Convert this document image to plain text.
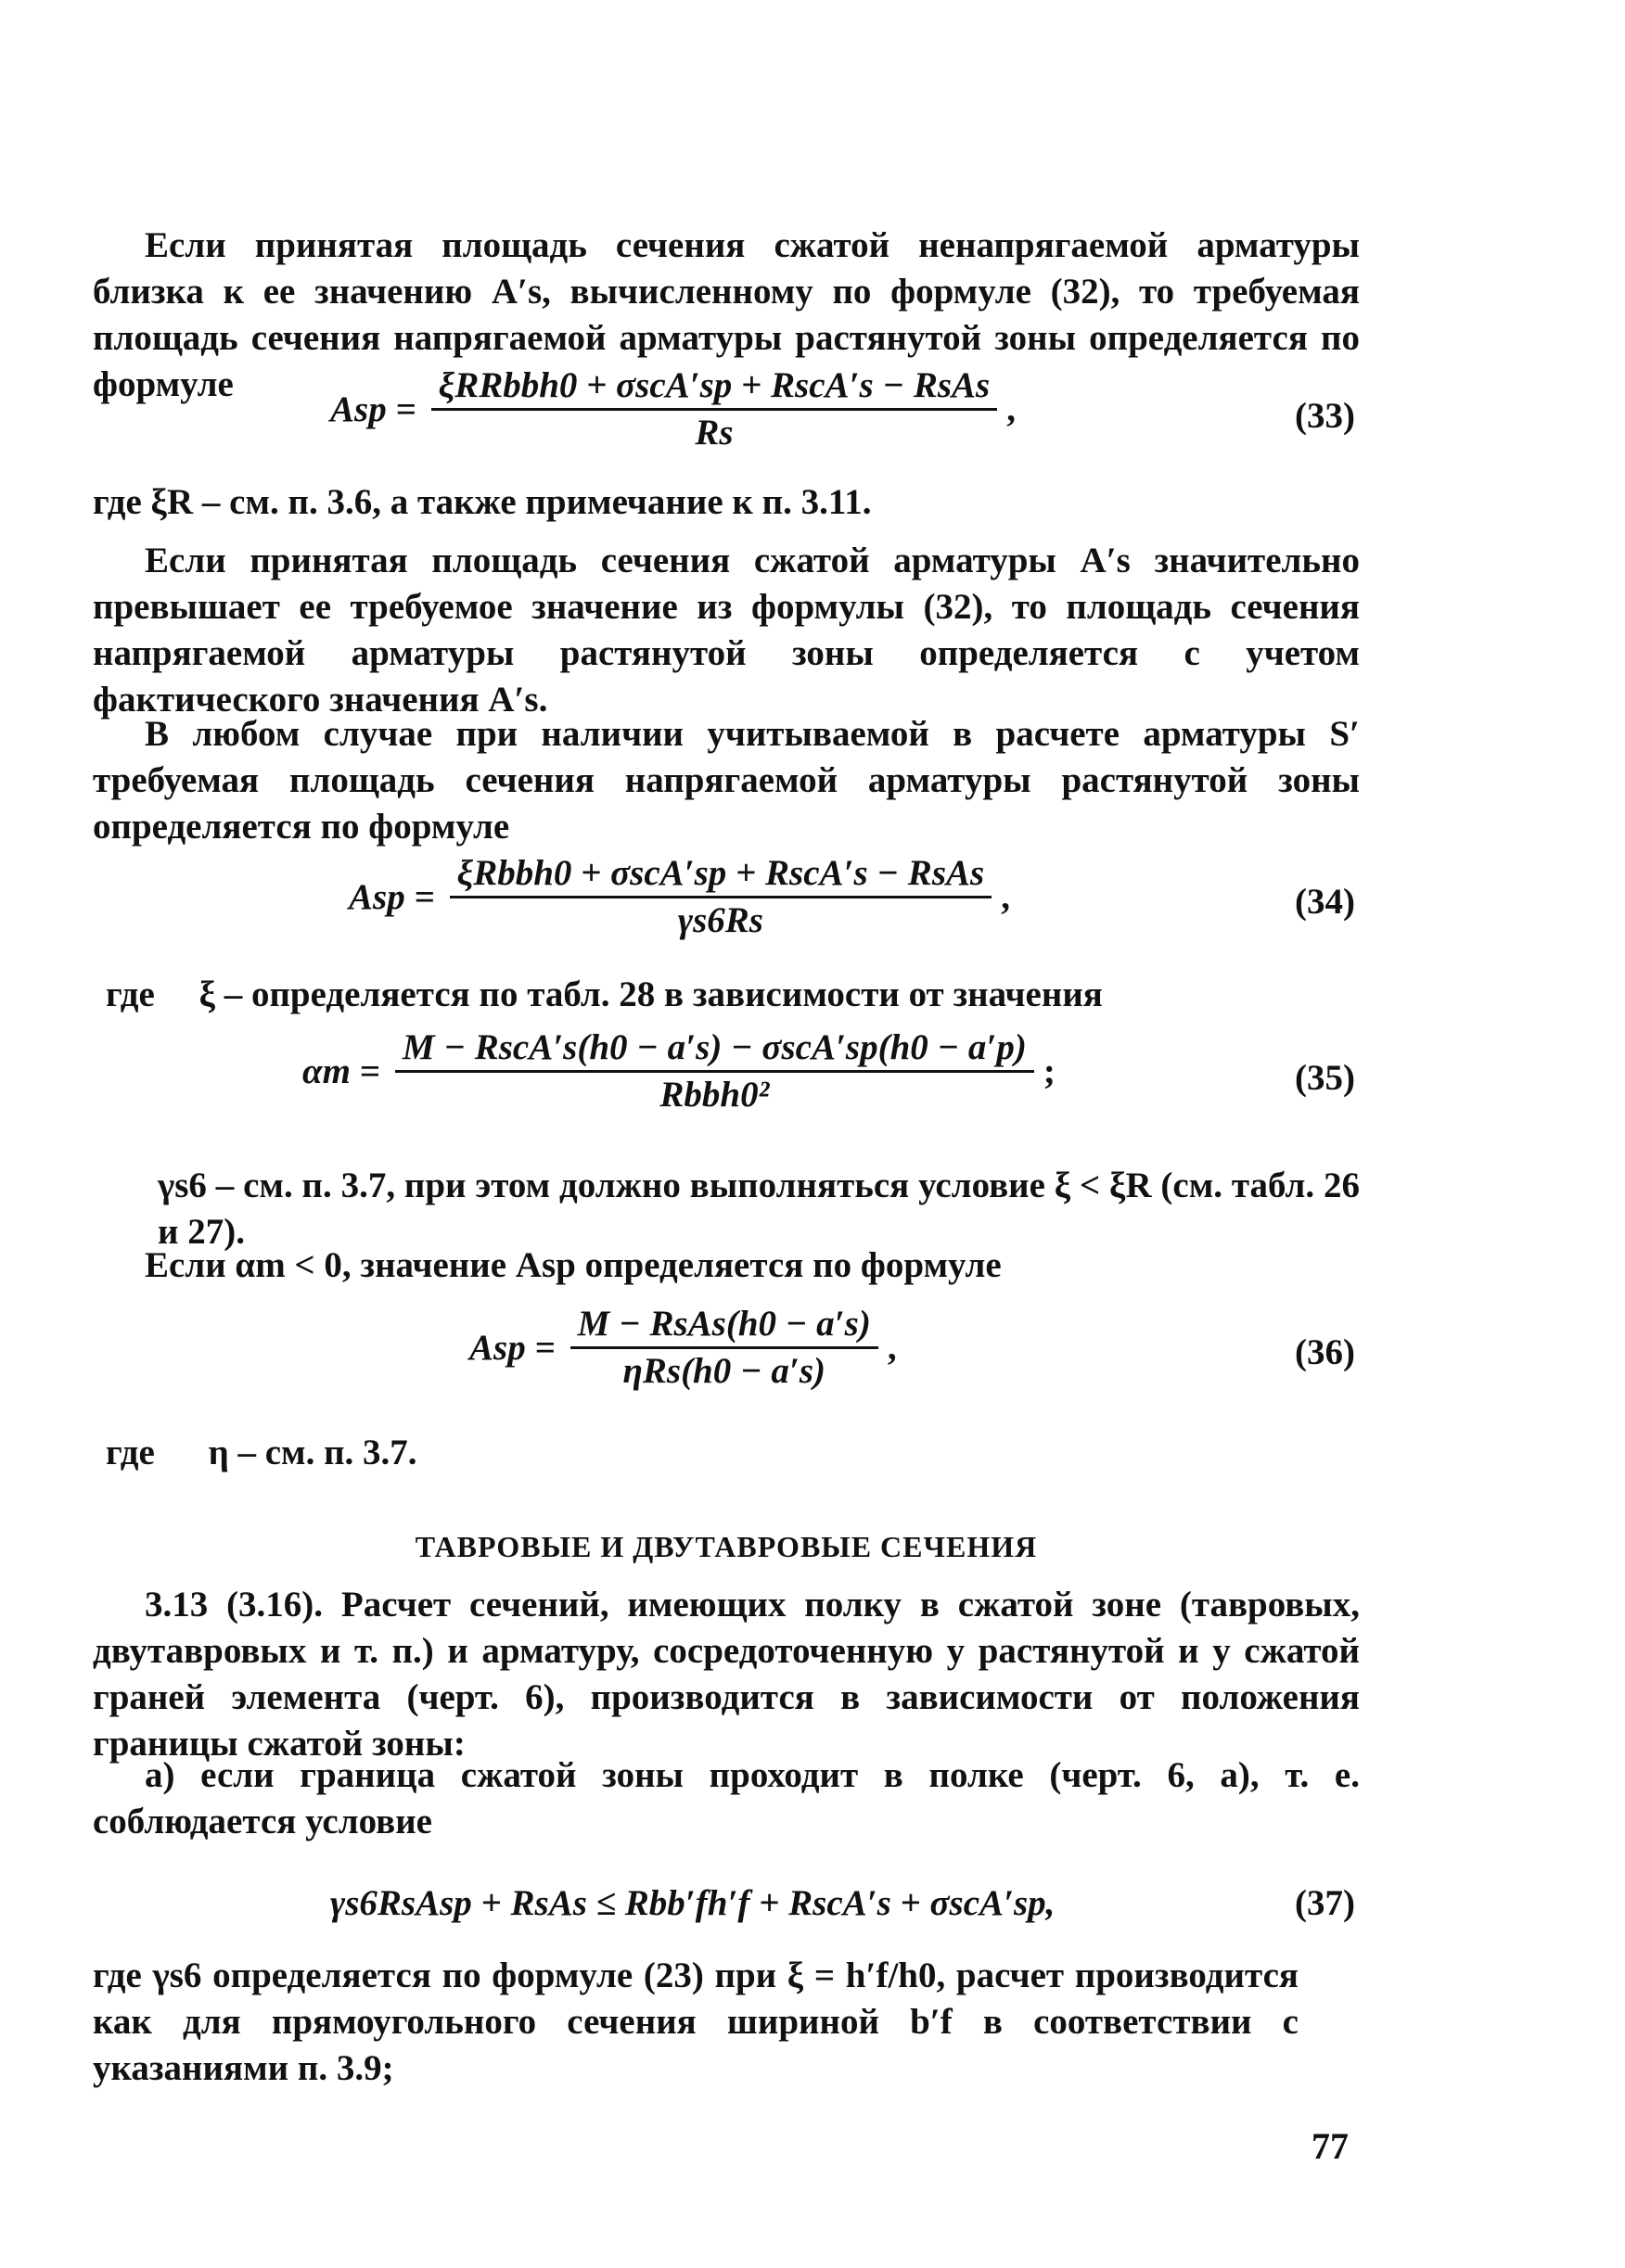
Если принятая площадь сечения сжатой ненапрягаемой арматуры близка к ее значению A′s, вычисленному по формуле (32), то требуемая площадь сечения напрягаемой арматуры растянутой зоны определяется по формуле

Asp = $\frac{\text{ξRRbbh0 + σscA′sp + RscA′s − RsAs}}{Rs}$ ,	(33)

где ξR – см. п. 3.6, а также примечание к п. 3.11.

Если принятая площадь сечения сжатой арматуры A′s значительно превышает ее требуемое значение из формулы (32), то площадь сечения напрягаемой арматуры растянутой зоны определяется с учетом фактического значения A′s.

В любом случае при наличии учитываемой в расчете арматуры S′ требуемая площадь сечения напрягаемой арматуры растянутой зоны определяется по формуле

Asp = $\frac{\text{ξRbbh0 + σscA′sp + RscA′s − RsAs}}{\gamma s6Rs}$ ,	(34)
где ξ – определяется по табл. 28 в зависимости от значения
$\alpha m = \frac{\text{M − RscA′s(h0 − a′s) − σscA′sp(h0 − a′p)}}{\text{Rbbh0²}}$ ;	(35)

γs6 – см. п. 3.7, при этом должно выполняться условие ξ < ξR (см. табл. 26 и 27).

Если αm < 0, значение Asp определяется по формуле

Asp = $\frac{\text{M − RsAs(h0 − a′s)}}{\text{ηRs(h0 − a′s)}}$ ,	(36)
где η – см. п. 3.7.
ТАВРОВЫЕ И ДВУТАВРОВЫЕ СЕЧЕНИЯ

3.13 (3.16). Расчет сечений, имеющих полку в сжатой зоне (тавровых, двутавровых и т. п.) и арматуру, сосредоточенную у растянутой и у сжатой граней элемента (черт. 6), производится в зависимости от положения границы сжатой зоны:

а) если граница сжатой зоны проходит в полке (черт. 6, а), т. е. соблюдается условие

γs6RsAsp + RsAs ≤ Rbb′fh′f + RscA′s + σscA′sp,	(37)

где γs6 определяется по формуле (23) при ξ = h′f/h0, расчет производится как для прямоугольного сечения шириной b′f в соответствии с указаниями п. 3.9;

77
